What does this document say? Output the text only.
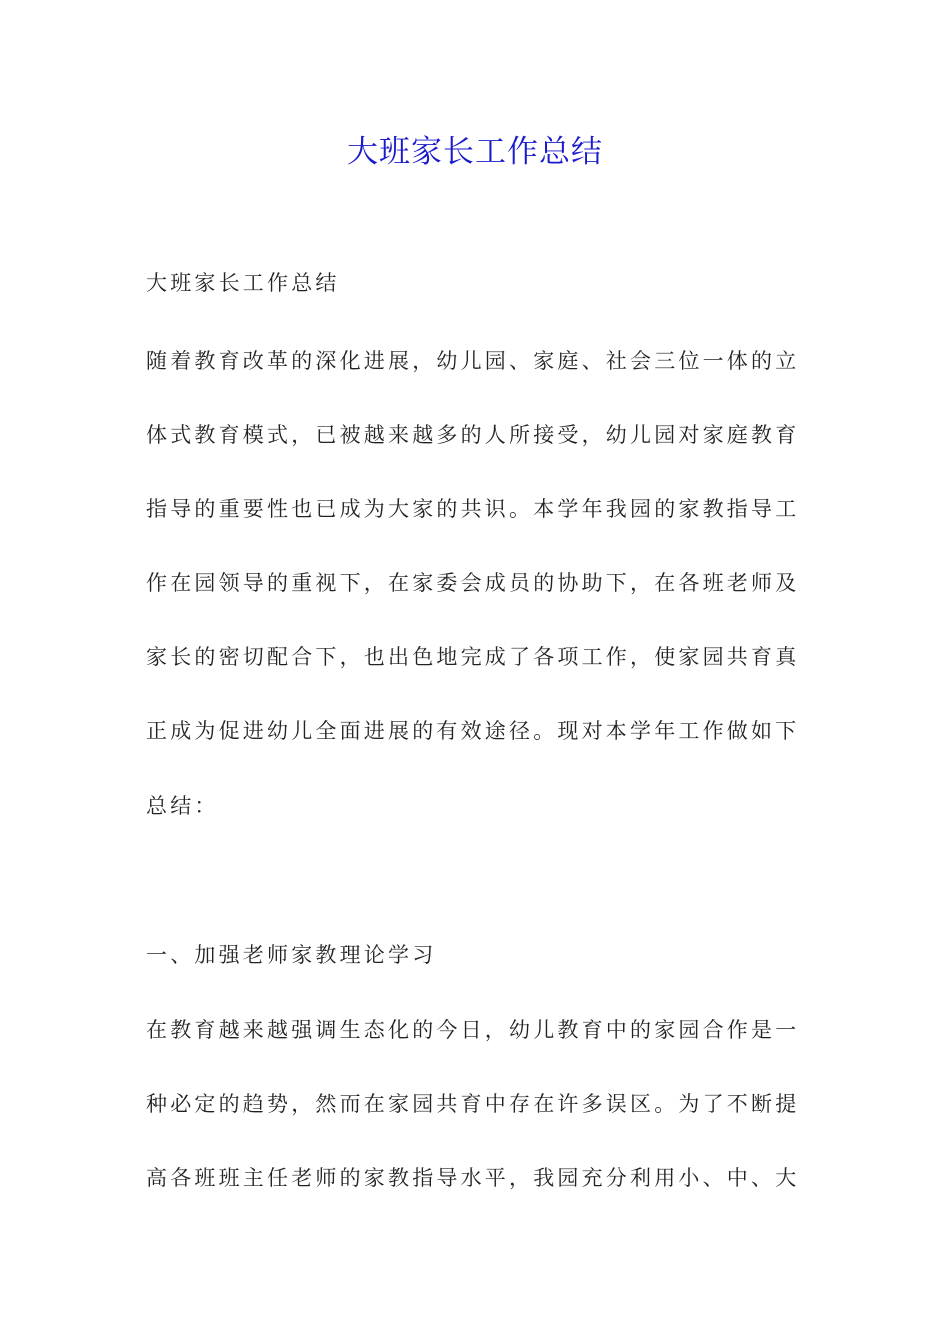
大班家长工作总结
大班家长工作总结
随着教育改革的深化进展，幼儿园、家庭、社会三位一体的立
体式教育模式，已被越来越多的人所接受，幼儿园对家庭教育
指导的重要性也已成为大家的共识。本学年我园的家教指导工
作在园领导的重视下，在家委会成员的协助下，在各班老师及
家长的密切配合下，也出色地完成了各项工作，使家园共育真
正成为促进幼儿全面进展的有效途径。现对本学年工作做如下
总结：
一、加强老师家教理论学习
在教育越来越强调生态化的今日，幼儿教育中的家园合作是一
种必定的趋势，然而在家园共育中存在许多误区。为了不断提
高各班班主任老师的家教指导水平，我园充分利用小、中、大
